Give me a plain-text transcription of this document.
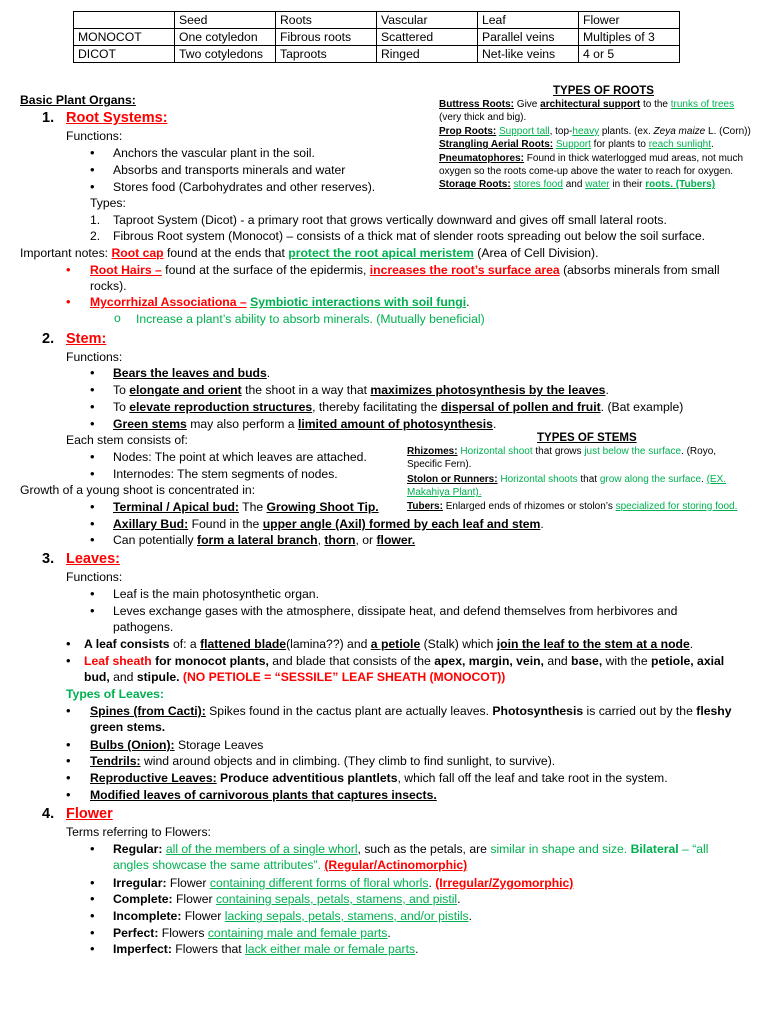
	Seed	Roots	Vascular	Leaf	Flower
MONOCOT	One cotyledon	Fibrous roots	Scattered	Parallel veins	Multiples of 3
DICOT	Two cotyledons	Taproots	Ringed	Net-like veins	4 or 5
Basic Plant Organs:
1. Root Systems:
Functions:
• Anchors the vascular plant in the soil.
• Absorbs and transports minerals and water
• Stores food (Carbohydrates and other reserves).
Types:
1. Taproot System (Dicot) - a primary root that grows vertically downward and gives off small lateral roots.
2. Fibrous Root system (Monocot) – consists of a thick mat of slender roots spreading out below the soil surface.
Important notes: Root cap found at the ends that protect the root apical meristem (Area of Cell Division).
• Root Hairs – found at the surface of the epidermis, increases the root’s surface area (absorbs minerals from small
rocks).
• Mycorrhizal Associationa – Symbiotic interactions with soil fungi.
o Increase a plant’s ability to absorb minerals. (Mutually beneficial)
TYPES OF ROOTS
Buttress Roots: Give architectural support to the trunks of trees
(very thick and big).
Prop Roots: Support tall, top-heavy plants. (ex. Zeya maize L. (Corn))
Strangling Aerial Roots: Support for plants to reach sunlight.
Pneumatophores: Found in thick waterlogged mud areas, not much
oxygen so the roots come-up above the water to reach for oxygen.
Storage Roots: stores food and water in their roots. (Tubers)
2. Stem:
Functions:
• Bears the leaves and buds.
• To elongate and orient the shoot in a way that maximizes photosynthesis by the leaves.
• To elevate reproduction structures, thereby facilitating the dispersal of pollen and fruit. (Bat example)
• Green stems may also perform a limited amount of photosynthesis.
Each stem consists of:
• Nodes: The point at which leaves are attached.
• Internodes: The stem segments of nodes.
Growth of a young shoot is concentrated in:
• Terminal / Apical bud: The Growing Shoot Tip.
• Axillary Bud: Found in the upper angle (Axil) formed by each leaf and stem.
• Can potentially form a lateral branch, thorn, or flower.
TYPES OF STEMS
Rhizomes: Horizontal shoot that grows just below the surface. (Royo,
Specific Fern).
Stolon or Runners: Horizontal shoots that grow along the surface. (EX.
Makahiya Plant).
Tubers: Enlarged ends of rhizomes or stolon’s specialized for storing food.
3. Leaves:
Functions:
• Leaf is the main photosynthetic organ.
• Leves exchange gases with the atmosphere, dissipate heat, and defend themselves from herbivores and
pathogens.
• A leaf consists of: a flattened blade(lamina??) and a petiole (Stalk) which join the leaf to the stem at a node.
• Leaf sheath for monocot plants, and blade that consists of the apex, margin, vein, and base, with the petiole, axial
bud, and stipule. (NO PETIOLE = “SESSILE” LEAF SHEATH (MONOCOT))
Types of Leaves:
• Spines (from Cacti): Spikes found in the cactus plant are actually leaves. Photosynthesis is carried out by the fleshy
green stems.
• Bulbs (Onion): Storage Leaves
• Tendrils: wind around objects and in climbing. (They climb to find sunlight, to survive).
• Reproductive Leaves: Produce adventitious plantlets, which fall off the leaf and take root in the system.
• Modified leaves of carnivorous plants that captures insects.
4. Flower
Terms referring to Flowers:
• Regular: all of the members of a single whorl, such as the petals, are similar in shape and size. Bilateral – “all
angles showcase the same attributes”. (Regular/Actinomorphic)
• Irregular: Flower containing different forms of floral whorls. (Irregular/Zygomorphic)
• Complete: Flower containing sepals, petals, stamens, and pistil.
• Incomplete: Flower lacking sepals, petals, stamens, and/or pistils.
• Perfect: Flowers containing male and female parts.
• Imperfect: Flowers that lack either male or female parts.
